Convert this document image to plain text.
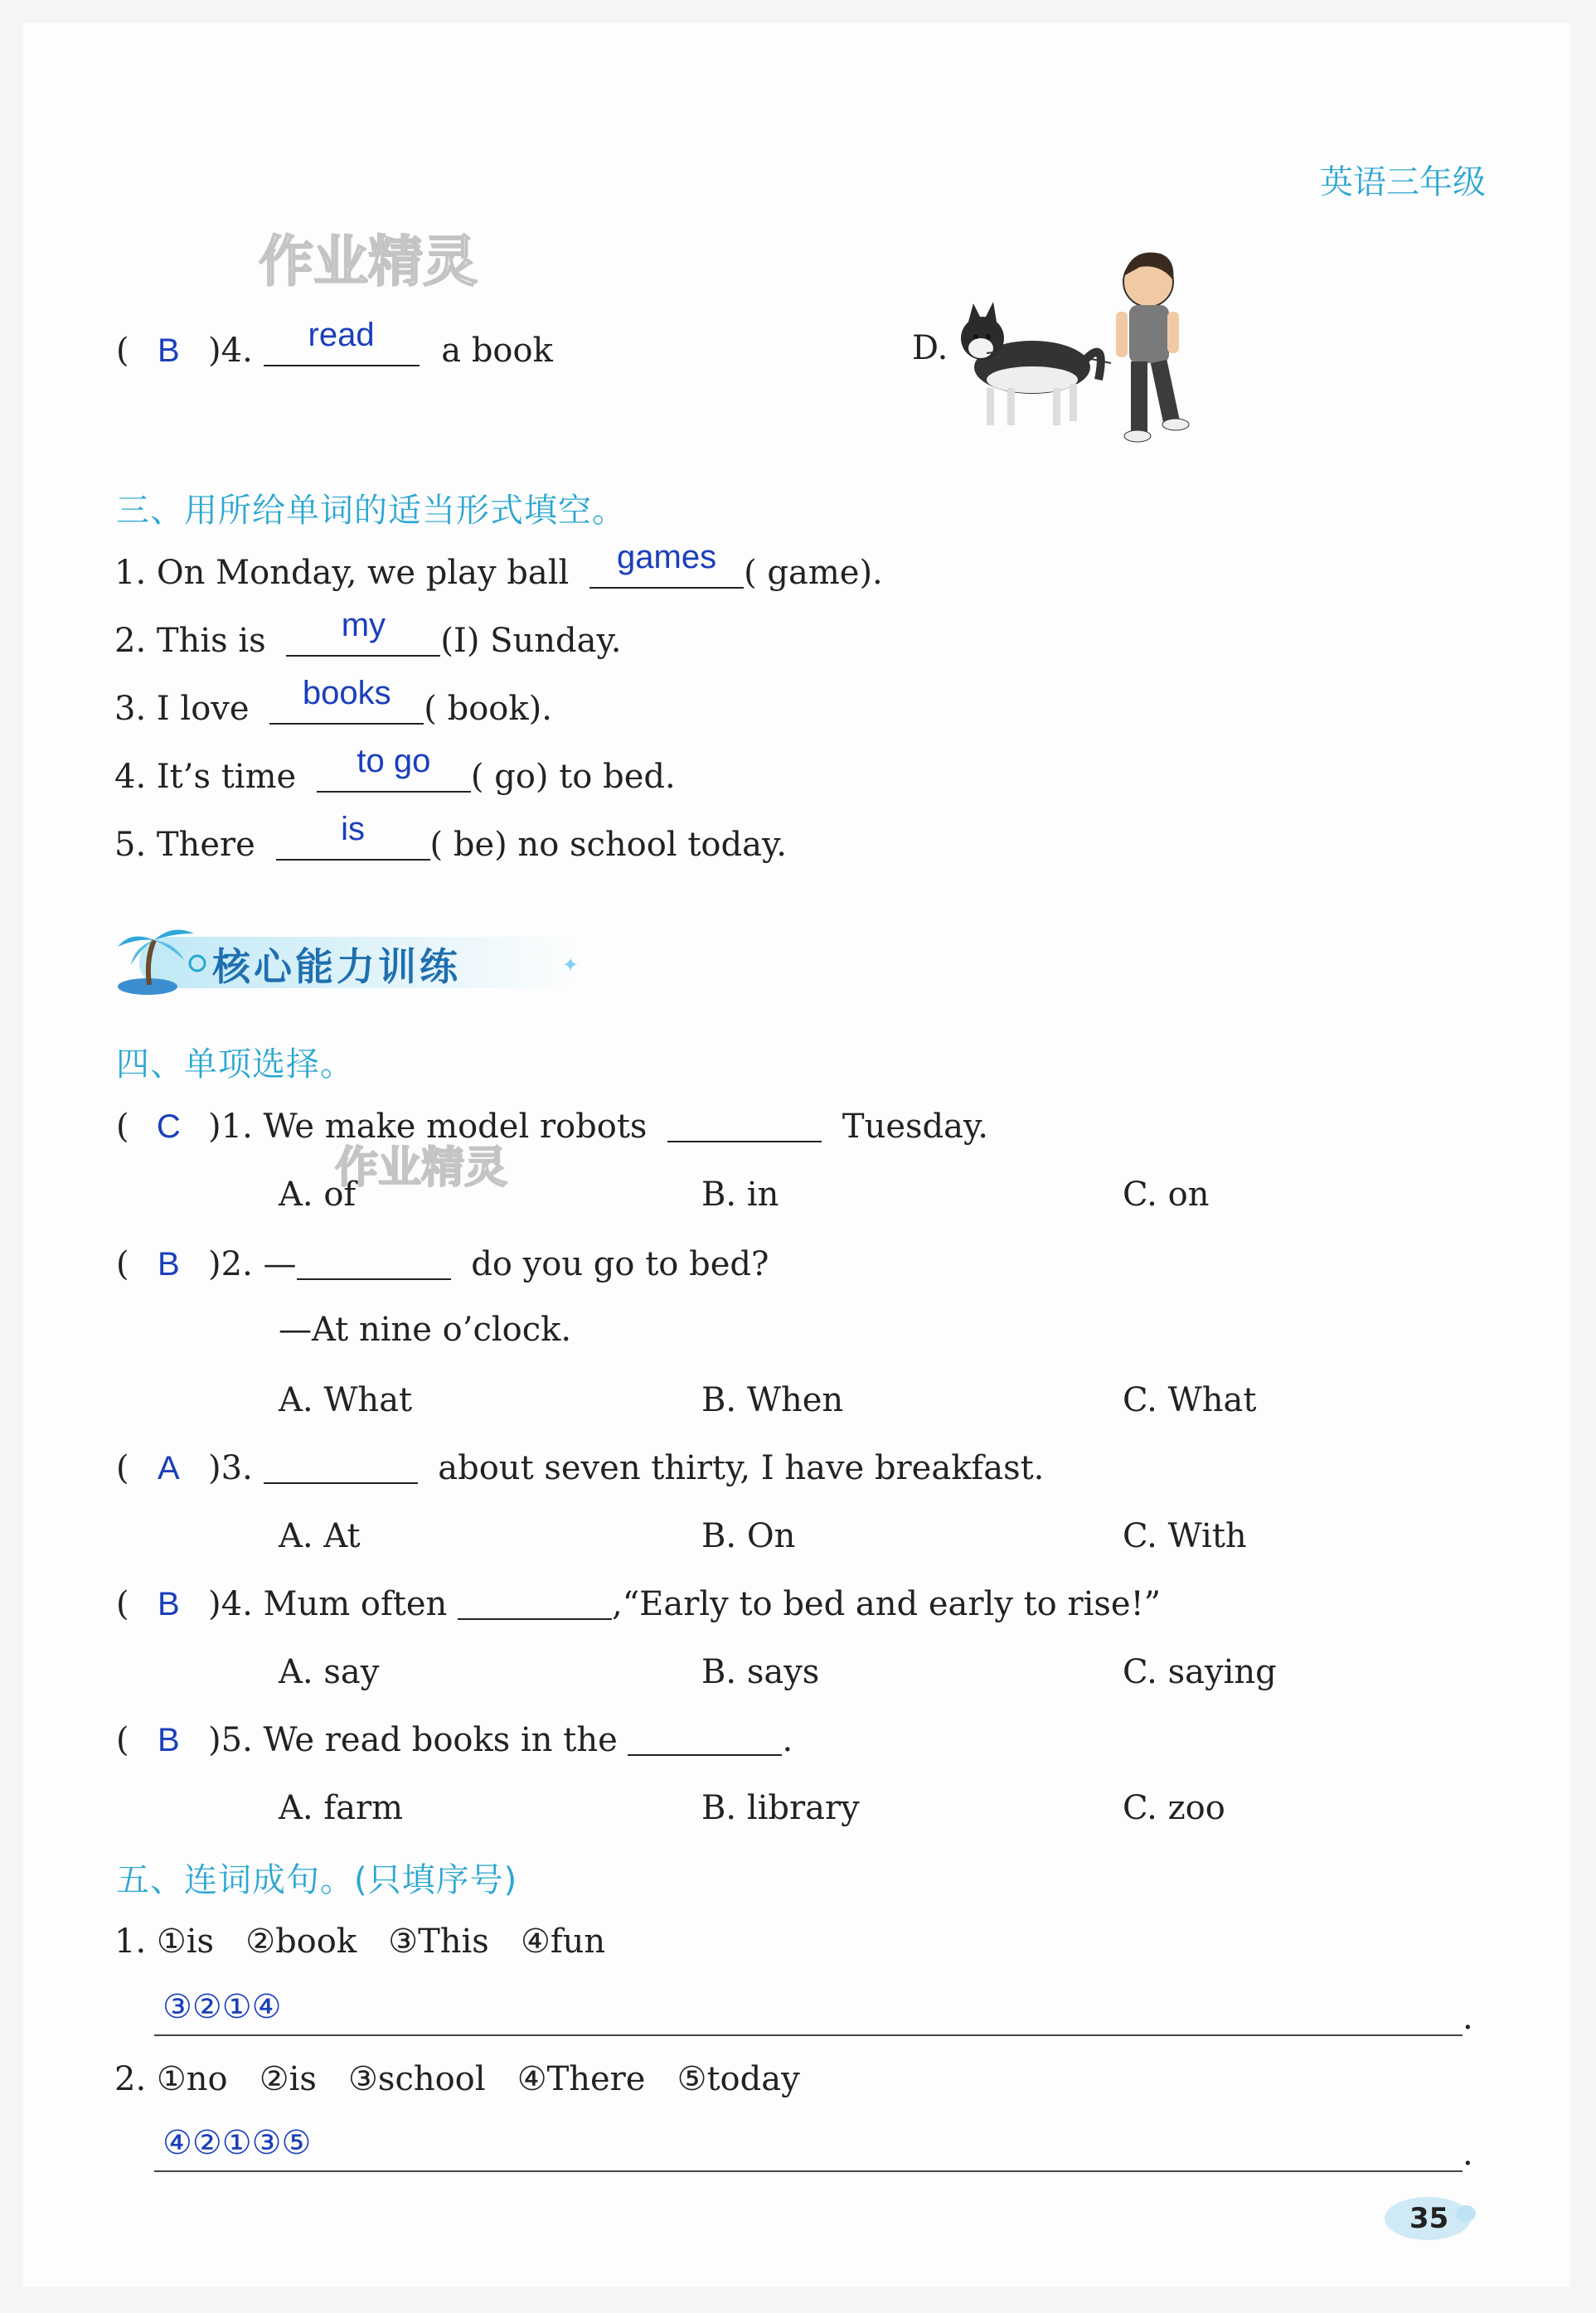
英语三年级
作业精灵
( B )4.	read	a book	D.
三、用所给单词的适当形式填空。
1. On Monday, we play ball	games ( game).
2. This is	my	(I) Sunday.
3. I love	books ( book).
4. It’s time	to go	( go) to bed.
5. There	is	( be) no school today.
✦
核心能力训练
四、单项选择。
( C )1. We make model robots	Tuesday.
作业精灵
A. of	B. in	C. on
( B )2. —	do you go to bed?
—At nine o’clock.
A. What	B. When	C. What
( A )3.	about seven thirty, I have breakfast.
A. At	B. On	C. With
( B )4. Mum often	,“Early to bed and early to rise!”
A. say	B. says	C. saying
( B )5. We read books in the	.
A. farm	B. library	C. zoo
五、连词成句。(只填序号)
1. ①is   ②book   ③This   ④fun
③②①④	.
2. ①no   ②is   ③school   ④There   ⑤today
④②①③⑤	.
35
